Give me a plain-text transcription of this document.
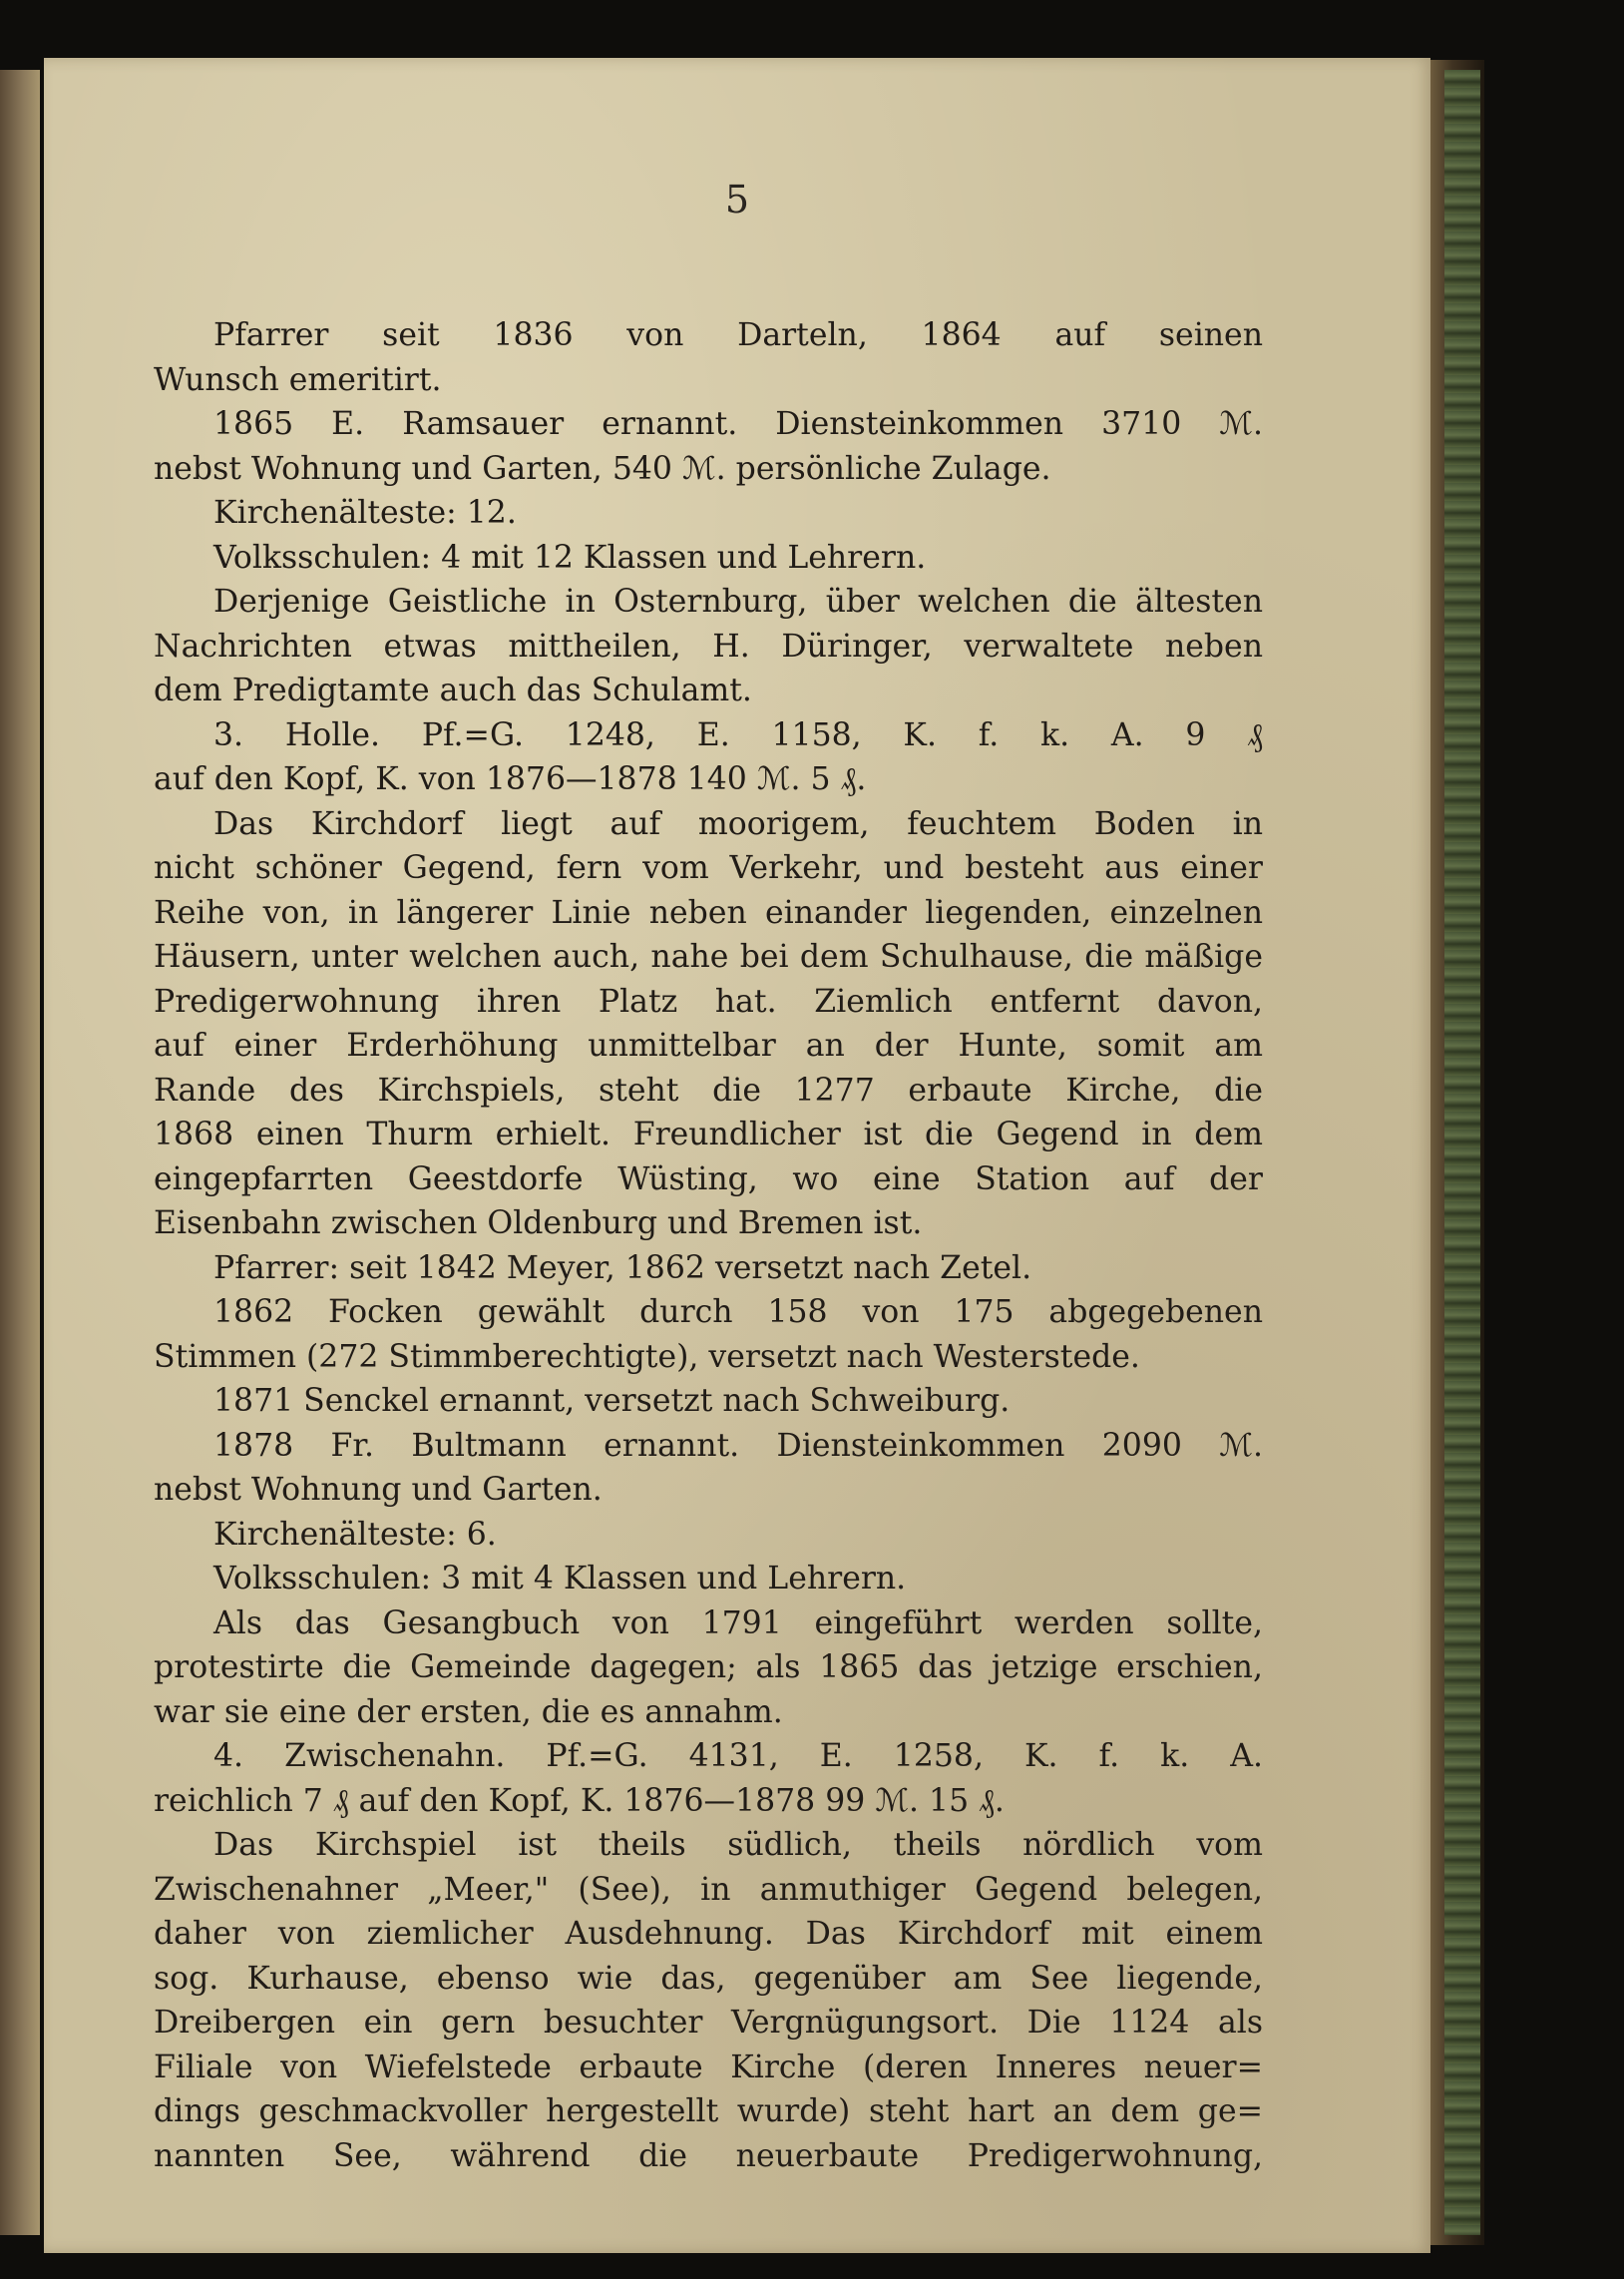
5
Pfarrer seit 1836 von Darteln, 1864 auf seinen
Wunsch emeritirt.
1865 E. Ramsauer ernannt. Diensteinkommen 3710 ℳ.
nebst Wohnung und Garten, 540 ℳ. persönliche Zulage.
Kirchenälteste: 12.
Volksschulen: 4 mit 12 Klassen und Lehrern.
Derjenige Geistliche in Osternburg, über welchen die ältesten
Nachrichten etwas mittheilen, H. Düringer, verwaltete neben
dem Predigtamte auch das Schulamt.
3. Holle. Pf.=G. 1248, E. 1158, K. f. k. A. 9 ₰
auf den Kopf, K. von 1876—1878 140 ℳ. 5 ₰.
Das Kirchdorf liegt auf moorigem, feuchtem Boden in
nicht schöner Gegend, fern vom Verkehr, und besteht aus einer
Reihe von, in längerer Linie neben einander liegenden, einzelnen
Häusern, unter welchen auch, nahe bei dem Schulhause, die mäßige
Predigerwohnung ihren Platz hat. Ziemlich entfernt davon,
auf einer Erderhöhung unmittelbar an der Hunte, somit am
Rande des Kirchspiels, steht die 1277 erbaute Kirche, die
1868 einen Thurm erhielt. Freundlicher ist die Gegend in dem
eingepfarrten Geestdorfe Wüsting, wo eine Station auf der
Eisenbahn zwischen Oldenburg und Bremen ist.
Pfarrer: seit 1842 Meyer, 1862 versetzt nach Zetel.
1862 Focken gewählt durch 158 von 175 abgegebenen
Stimmen (272 Stimmberechtigte), versetzt nach Westerstede.
1871 Senckel ernannt, versetzt nach Schweiburg.
1878 Fr. Bultmann ernannt. Diensteinkommen 2090 ℳ.
nebst Wohnung und Garten.
Kirchenälteste: 6.
Volksschulen: 3 mit 4 Klassen und Lehrern.
Als das Gesangbuch von 1791 eingeführt werden sollte,
protestirte die Gemeinde dagegen; als 1865 das jetzige erschien,
war sie eine der ersten, die es annahm.
4. Zwischenahn. Pf.=G. 4131, E. 1258, K. f. k. A.
reichlich 7 ₰ auf den Kopf, K. 1876—1878 99 ℳ. 15 ₰.
Das Kirchspiel ist theils südlich, theils nördlich vom
Zwischenahner „Meer," (See), in anmuthiger Gegend belegen,
daher von ziemlicher Ausdehnung. Das Kirchdorf mit einem
sog. Kurhause, ebenso wie das, gegenüber am See liegende,
Dreibergen ein gern besuchter Vergnügungsort. Die 1124 als
Filiale von Wiefelstede erbaute Kirche (deren Inneres neuer=
dings geschmackvoller hergestellt wurde) steht hart an dem ge=
nannten See, während die neuerbaute Predigerwohnung,
